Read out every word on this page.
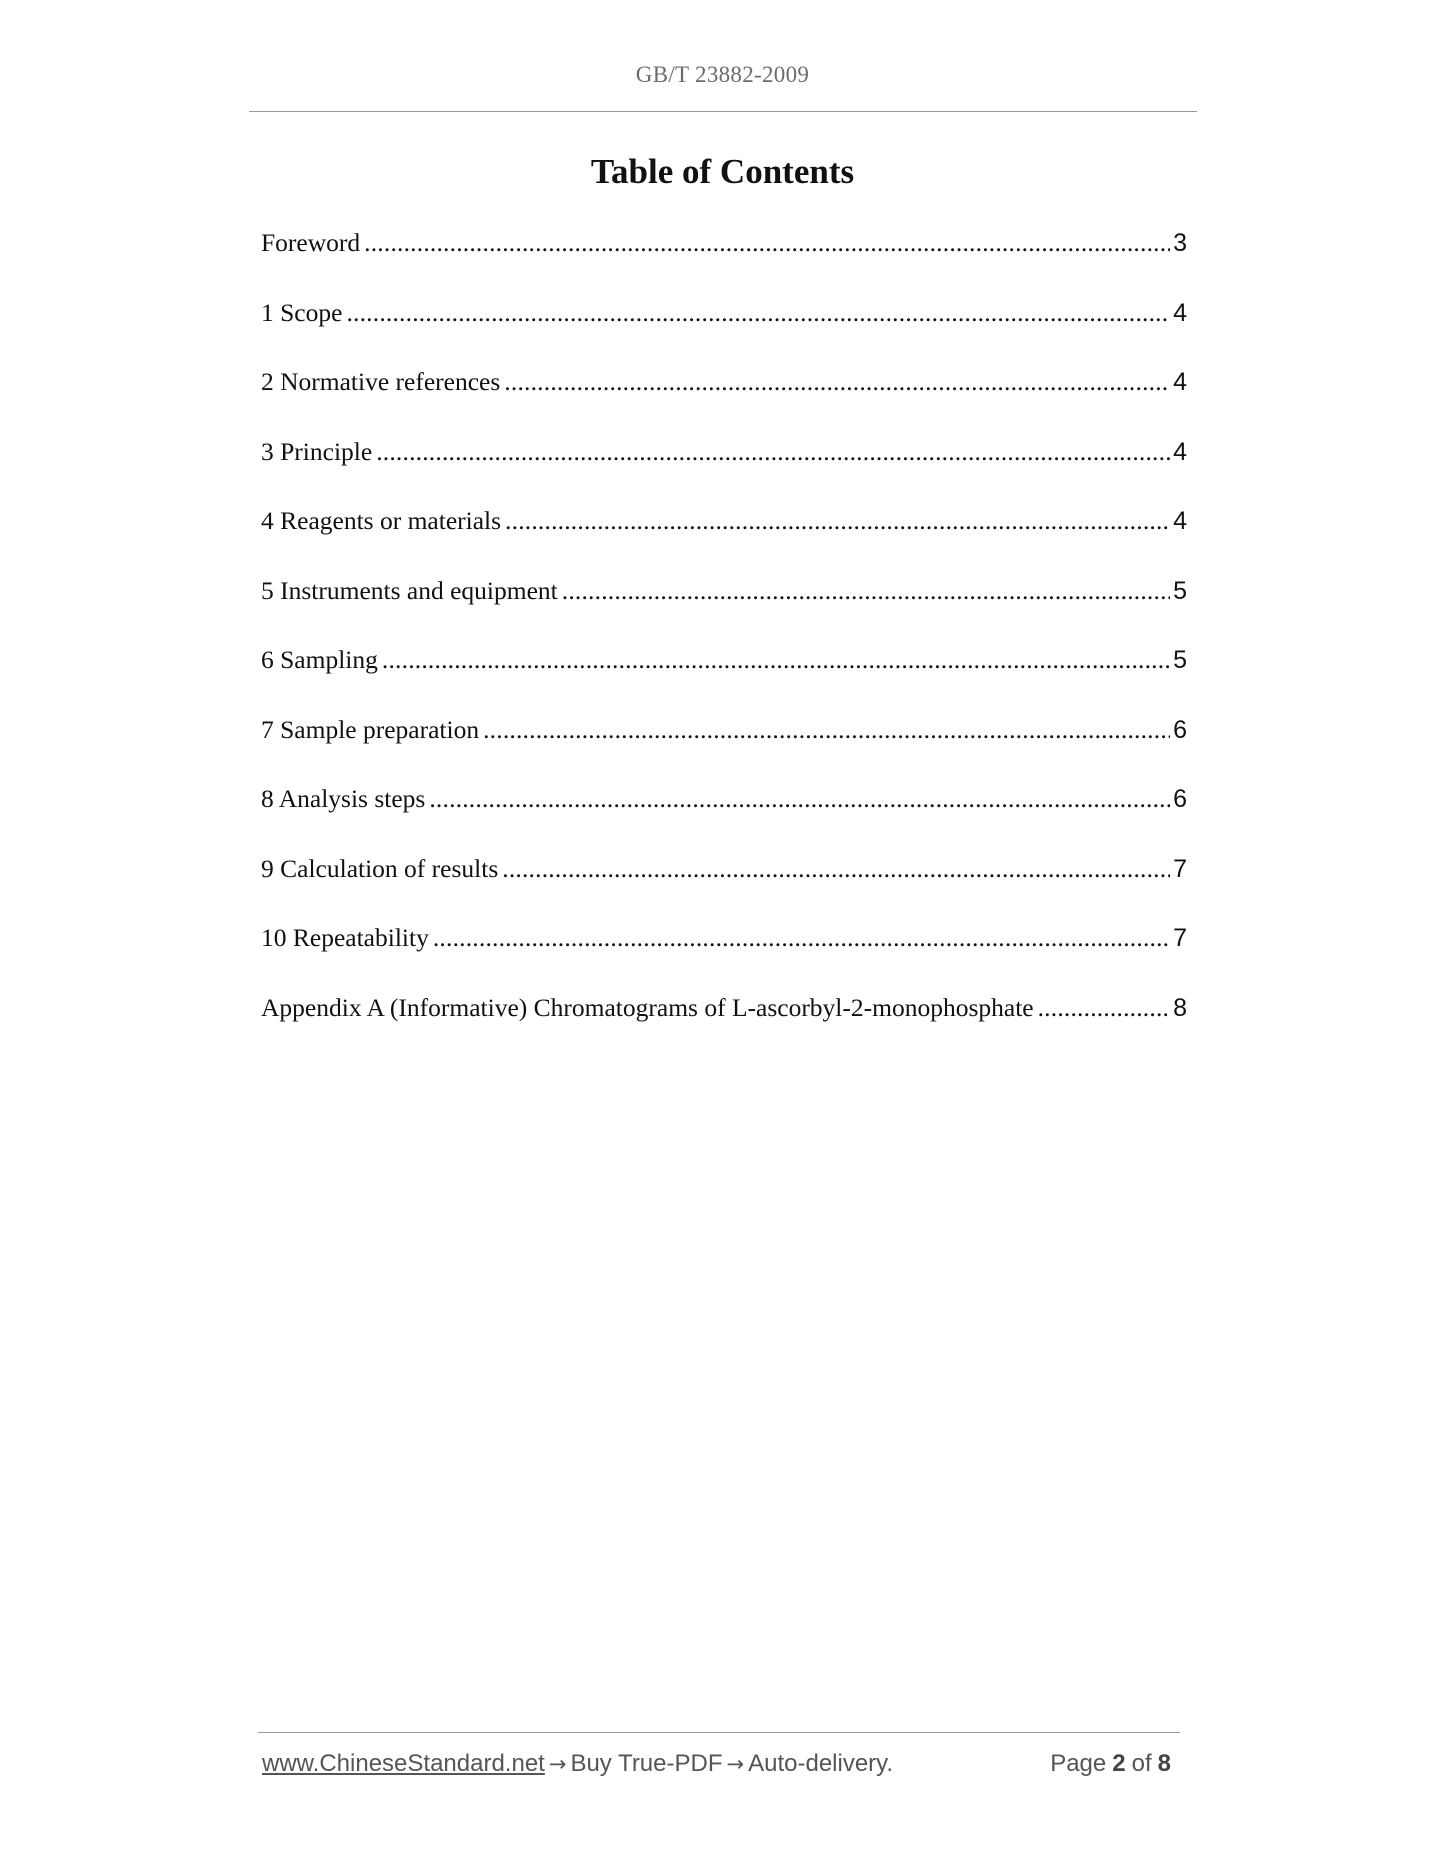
GB/T 23882-2009
Table of Contents
Foreword .....	3
1 Scope .....	4
2 Normative references .....	4
3 Principle .....	4
4 Reagents or materials .....	4
5 Instruments and equipment .....	5
6 Sampling .....	5
7 Sample preparation .....	6
8 Analysis steps .....	6
9 Calculation of results .....	7
10 Repeatability .....	7
Appendix A (Informative) Chromatograms of L-ascorbyl-2-monophosphate .....	8
www.ChineseStandard.net → Buy True-PDF → Auto-delivery.	Page 2 of 8
